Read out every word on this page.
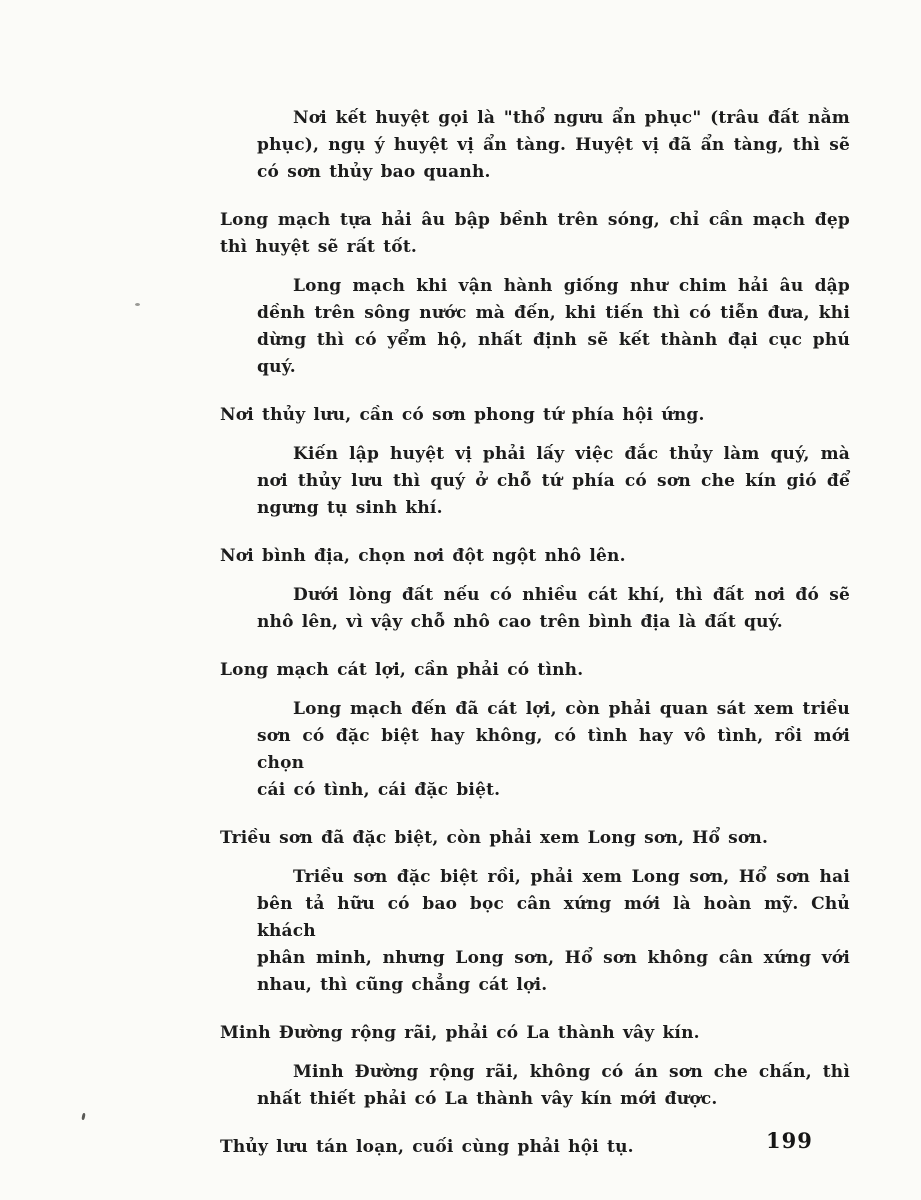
Nơi kết huyệt gọi là "thổ ngưu ẩn phục" (trâu đất nằm
phục), ngụ ý huyệt vị ẩn tàng. Huyệt vị đã ẩn tàng, thì sẽ
có sơn thủy bao quanh.

Long mạch tựa hải âu bập bềnh trên sóng, chỉ cần mạch đẹp
thì huyệt sẽ rất tốt.

Long mạch khi vận hành giống như chim hải âu dập
dềnh trên sông nước mà đến, khi tiến thì có tiễn đưa, khi
dừng thì có yểm hộ, nhất định sẽ kết thành đại cục phú
quý.

Nơi thủy lưu, cần có sơn phong tứ phía hội ứng.

Kiến lập huyệt vị phải lấy việc đắc thủy làm quý, mà
nơi thủy lưu thì quý ở chỗ tứ phía có sơn che kín gió để
ngưng tụ sinh khí.

Nơi bình địa, chọn nơi đột ngột nhô lên.

Dưới lòng đất nếu có nhiều cát khí, thì đất nơi đó sẽ
nhô lên, vì vậy chỗ nhô cao trên bình địa là đất quý.

Long mạch cát lợi, cần phải có tình.

Long mạch đến đã cát lợi, còn phải quan sát xem triều
sơn có đặc biệt hay không, có tình hay vô tình, rồi mới chọn
cái có tình, cái đặc biệt.

Triều sơn đã đặc biệt, còn phải xem Long sơn, Hổ sơn.

Triều sơn đặc biệt rồi, phải xem Long sơn, Hổ sơn hai
bên tả hữu có bao bọc cân xứng mới là hoàn mỹ. Chủ khách
phân minh, nhưng Long sơn, Hổ sơn không cân xứng với
nhau, thì cũng chẳng cát lợi.

Minh Đường rộng rãi, phải có La thành vây kín.

Minh Đường rộng rãi, không có án sơn che chấn, thì
nhất thiết phải có La thành vây kín mới được.

Thủy lưu tán loạn, cuối cùng phải hội tụ.	199
